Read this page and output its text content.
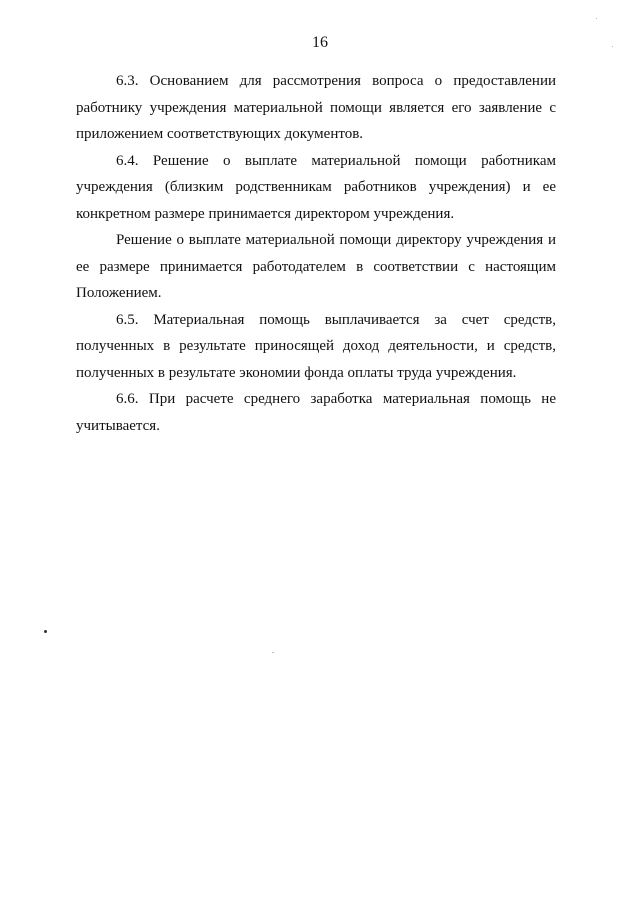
16

6.3. Основанием для рассмотрения вопроса о предоставлении работнику учреждения материальной помощи является его заявление с приложением соответствующих документов.

6.4. Решение о выплате материальной помощи работникам учреждения (близким родственникам работников учреждения) и ее конкретном размере принимается директором учреждения.

Решение о выплате материальной помощи директору учреждения и ее размере принимается работодателем в соответствии с настоящим Положением.

6.5. Материальная помощь выплачивается за счет средств, полученных в результате приносящей доход деятельности, и средств, полученных в результате экономии фонда оплаты труда учреждения.

6.6. При расчете среднего заработка материальная помощь не учитывается.
